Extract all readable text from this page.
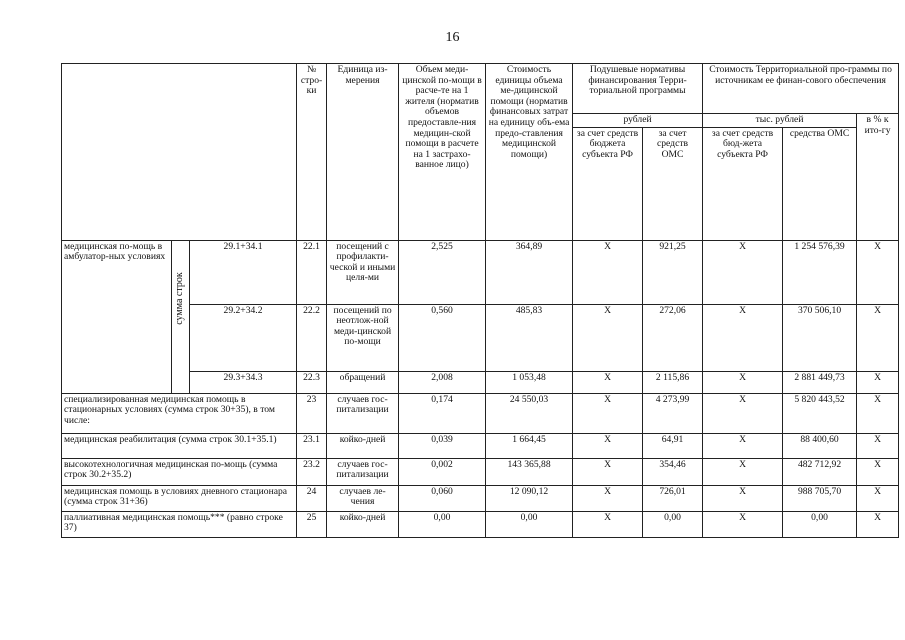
16
			№ стро-ки	Единица из-мерения	Объем меди-цинской по-мощи в расче-те на 1 жителя (норматив объемов предоставле-ния медицин-ской помощи в расчете на 1 застрахо-ванное лицо)	Стоимость единицы объема ме-дицинской помощи (норматив финансовых затрат на единицу объ-ема предо-ставления медицинской помощи)	Подушевые нормативы финансирования Терри-ториальной программы		Стоимость Территориальной про-граммы по источникам ее финан-сового обеспечения		
							рублей		тыс. рублей		в % к ито-гу
							за счет средств бюджета субъекта РФ	за счет средств ОМС	за счет средств бюд-жета субъекта РФ	средства ОМС	
медицинская по-мощь в амбулатор-ных условиях	сумма строк	29.1+34.1	22.1	посещений с профилакти-ческой и иными целя-ми	2,525	364,89	Х	921,25	Х	1 254 576,39	Х
		29.2+34.2	22.2	посещений по неотлож-ной меди-цинской по-мощи	0,560	485,83	Х	272,06	Х	370 506,10	Х
		29.3+34.3	22.3	обращений	2,008	1 053,48	Х	2 115,86	Х	2 881 449,73	Х
специализированная медицинская помощь в стационарных условиях (сумма строк 30+35), в том числе:			23	случаев гос-питализации	0,174	24 550,03	Х	4 273,99	Х	5 820 443,52	Х
медицинская реабилитация (сумма строк 30.1+35.1)			23.1	койко-дней	0,039	1 664,45	Х	64,91	Х	88 400,60	Х
высокотехнологичная медицинская по-мощь (сумма строк 30.2+35.2)			23.2	случаев гос-питализации	0,002	143 365,88	Х	354,46	Х	482 712,92	Х
медицинская помощь в условиях дневного стационара (сумма строк 31+36)			24	случаев ле-чения	0,060	12 090,12	Х	726,01	Х	988 705,70	Х
паллиативная медицинская помощь*** (равно строке 37)			25	койко-дней	0,00	0,00	Х	0,00	Х	0,00	Х
